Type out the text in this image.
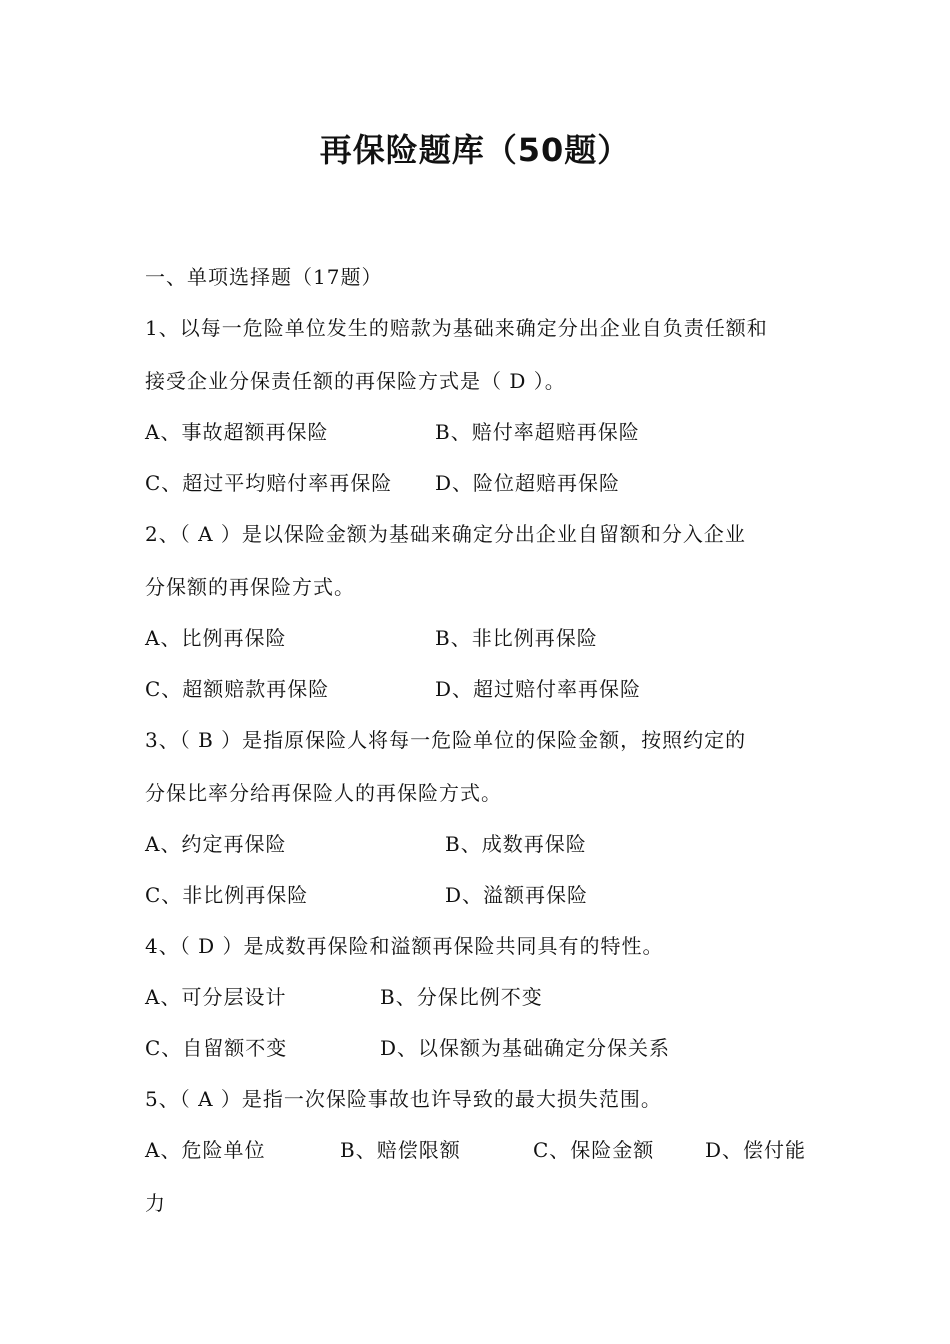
再保险题库（50题）
一、单项选择题（17题）
1、以每一危险单位发生的赔款为基础来确定分出企业自负责任额和
接受企业分保责任额的再保险方式是（ D ）。
A、事故超额再保险	B、赔付率超赔再保险
C、超过平均赔付率再保险 D、险位超赔再保险
2、（ A ）是以保险金额为基础来确定分出企业自留额和分入企业
分保额的再保险方式。
A、比例再保险	B、非比例再保险
C、超额赔款再保险	D、超过赔付率再保险
3、（ B ）是指原保险人将每一危险单位的保险金额，按照约定的
分保比率分给再保险人的再保险方式。
A、约定再保险	B、成数再保险
C、非比例再保险	D、溢额再保险
4、（ D ）是成数再保险和溢额再保险共同具有的特性。
A、可分层设计	B、分保比例不变
C、自留额不变	D、以保额为基础确定分保关系
5、（ A ）是指一次保险事故也许导致的最大损失范围。
A、危险单位	B、赔偿限额	C、保险金额	D、偿付能
力
